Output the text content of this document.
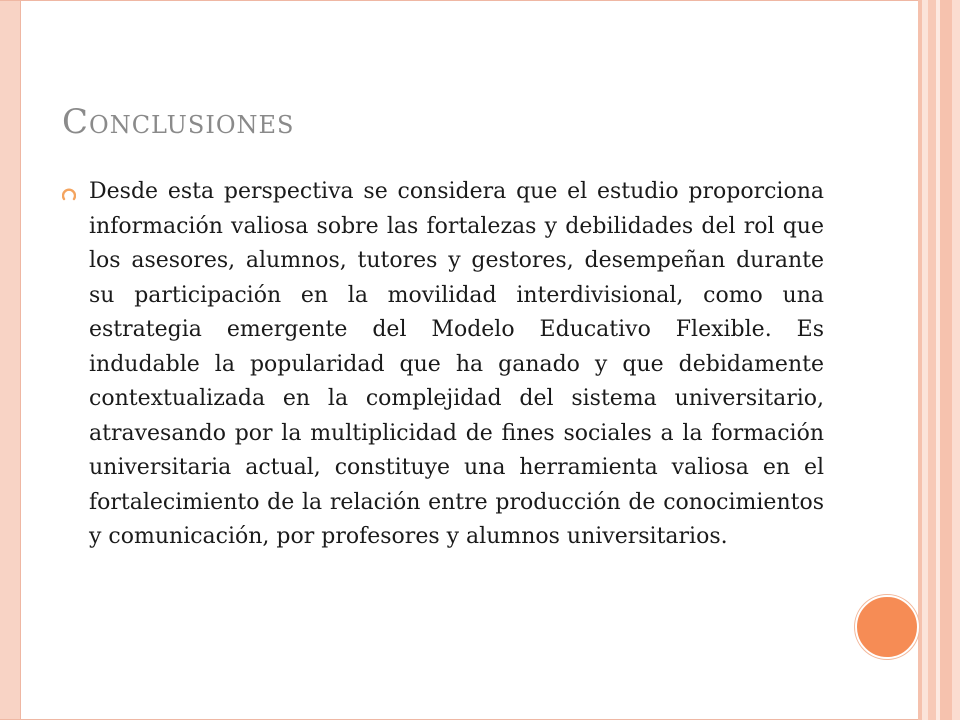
Conclusiones

Desde esta perspectiva se considera que el estudio proporciona información valiosa sobre las fortalezas y debilidades del rol que los asesores, alumnos, tutores y gestores, desempeñan durante su participación en la movilidad interdivisional, como una estrategia emergente del Modelo Educativo Flexible. Es indudable la popularidad que ha ganado y que debidamente contextualizada en la complejidad del sistema universitario, atravesando por la multiplicidad de fines sociales a la formación universitaria actual, constituye una herramienta valiosa en el fortalecimiento de la relación entre producción de conocimientos y comunicación, por profesores y alumnos universitarios.
